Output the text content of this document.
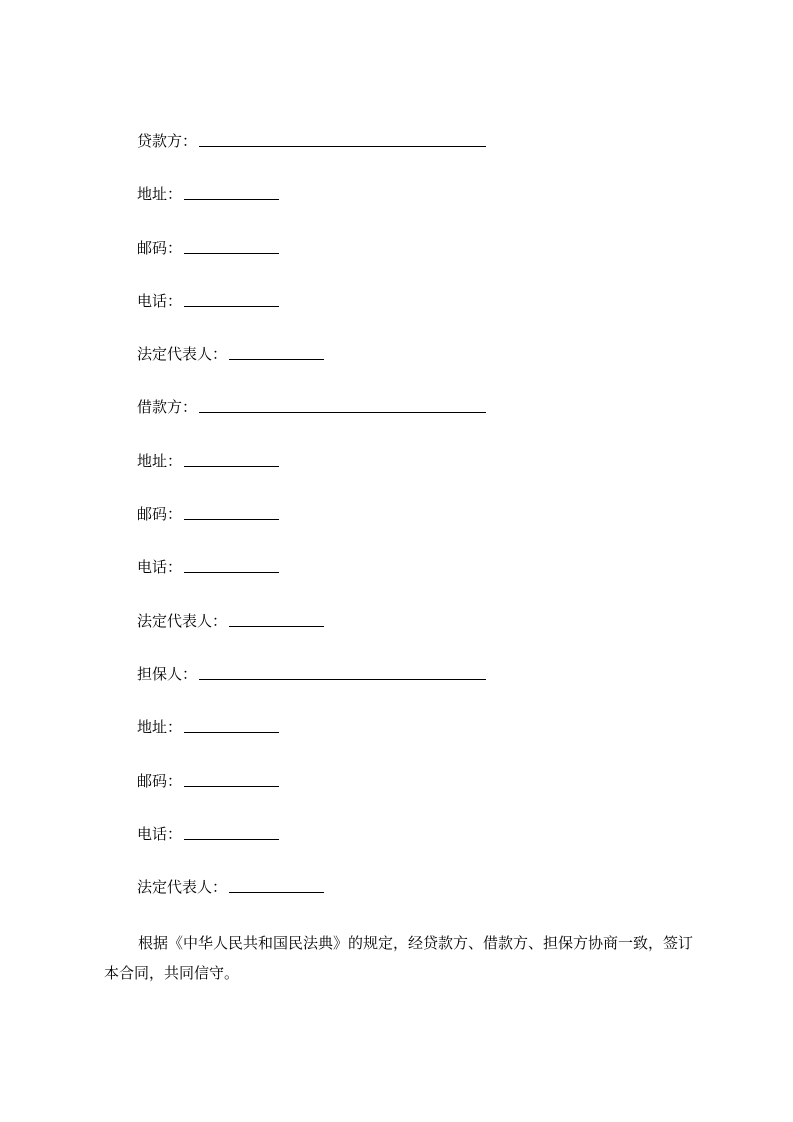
贷款方：
地址：
邮码：
电话：
法定代表人：
借款方：
地址：
邮码：
电话：
法定代表人：
担保人：
地址：
邮码：
电话：
法定代表人：

根据《中华人民共和国民法典》的规定，经贷款方、借款方、担保方协商一致，签订本合同，共同信守。
